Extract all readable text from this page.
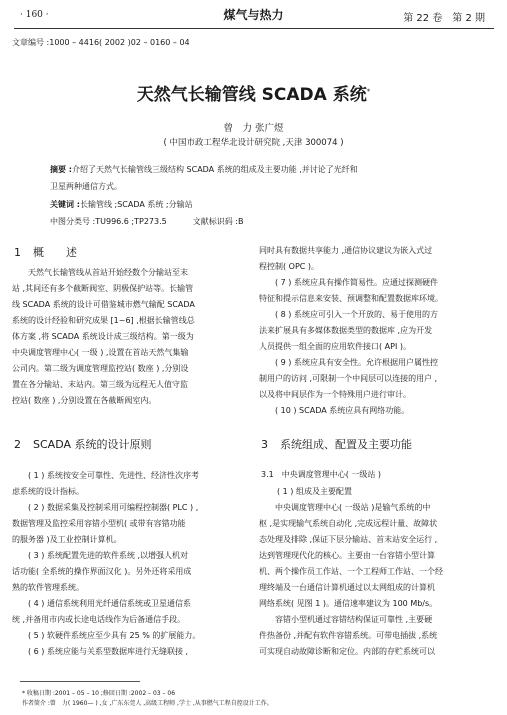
· 160 ·	煤气与热力	第 22 卷　第 2 期
文章编号 :1000 – 4416( 2002 )02 – 0160 – 04
天然气长输管线 SCADA 系统*
曾　力 张广煜
( 中国市政工程华北设计研究院 ,天津 300074 )
摘要 :介绍了天然气长输管线三级结构 SCADA 系统的组成及主要功能 ,并讨论了光纤和
卫星两种通信方式。
关键词 :长输管线 ;SCADA 系统 ;分输站
中图分类号 :TU996.6 ;TP273.5	文献标识码 :B
1 概　　述

天然气长输管线从首站开始经数个分输站至末

站 ,其间还有多个截断阀室、阴极保护站等。长输管

线 SCADA 系统的设计可借鉴城市燃气输配 SCADA

系统的设计经验和研究成果 [1~6] ,根据长输管线总

体方案 ,将 SCADA 系统设计成三级结构。第一级为

中央调度管理中心( 一级 ) ,设置在首站天然气集输

公司内。第二级为调度管理监控站( 数座 ) ,分别设

置在各分输站、末站内。第三级为远程无人值守监

控站( 数座 ) ,分别设置在各截断阀室内。

2 SCADA 系统的设计原则

( 1 ) 系统按安全可靠性、先进性、经济性次序考

虑系统的设计指标。

( 2 ) 数据采集及控制采用可编程控制器( PLC ) ,

数据管理及监控采用容错小型机( 或带有容错功能

的服务器 )及工业控制计算机。

( 3 ) 系统配置先进的软件系统 ,以增强人机对

话功能( 全系统的操作界面汉化 )。另外还将采用成

熟的软件管理系统。

( 4 ) 通信系统利用光纤通信系统或卫星通信系

统 ,并备用市内或长途电话线作为后备通信手段。

( 5 ) 软硬件系统应至少具有 25 % 的扩展能力。

( 6 ) 系统应能与关系型数据库进行无缝联接 ,

同时具有数据共享能力 ,通信协议建议为嵌入式过

程控制( OPC )。

( 7 ) 系统应具有操作简易性。应通过探测硬件

特征和提示信息来安装、预调整和配置数据库环境。

( 8 ) 系统应可引入一个开放的、易于使用的方

法来扩展具有多媒体数据类型的数据库 ,应为开发

人员提供一组全面的应用软件接口( API )。

( 9 ) 系统应具有安全性。允许根据用户属性控

制用户的访问 ,可限制一个中间层可以连接的用户 ,

以及将中间层作为一个特殊用户进行审计。

( 10 ) SCADA 系统应具有网络功能。

3 系统组成、配置及主要功能
3.1　中央调度管理中心( 一级站 )
( 1 ) 组成及主要配置

中央调度管理中心( 一级站 )是输气系统的中

枢 ,是实现输气系统自动化 ,完成远程计量、故障状

态处理及排除 ,保证下层分输站、首末站安全运行 ,

达到管理现代化的核心。主要由一台容错小型计算

机、两个操作员工作站、一个工程师工作站、一个经

理终端及一台通信计算机通过以太网组成的计算机

网络系统( 见图 1 )。通信速率建议为 100 Mb/s。

容错小型机通过容错结构保证可靠性 ,主要硬

件热备份 ,并配有软件容错系统。可带电插拔 ,系统

可实现自动故障诊断和定位。内部的存贮系统可以

* 收稿日期 :2001 – 05 – 10 ;修回日期 :2002 – 03 – 06
作者简介 :曾　力( 1960— ) ,女 ,广东东莞人 ,高级工程师 ,学士 ,从事燃气工程自控设计工作。
